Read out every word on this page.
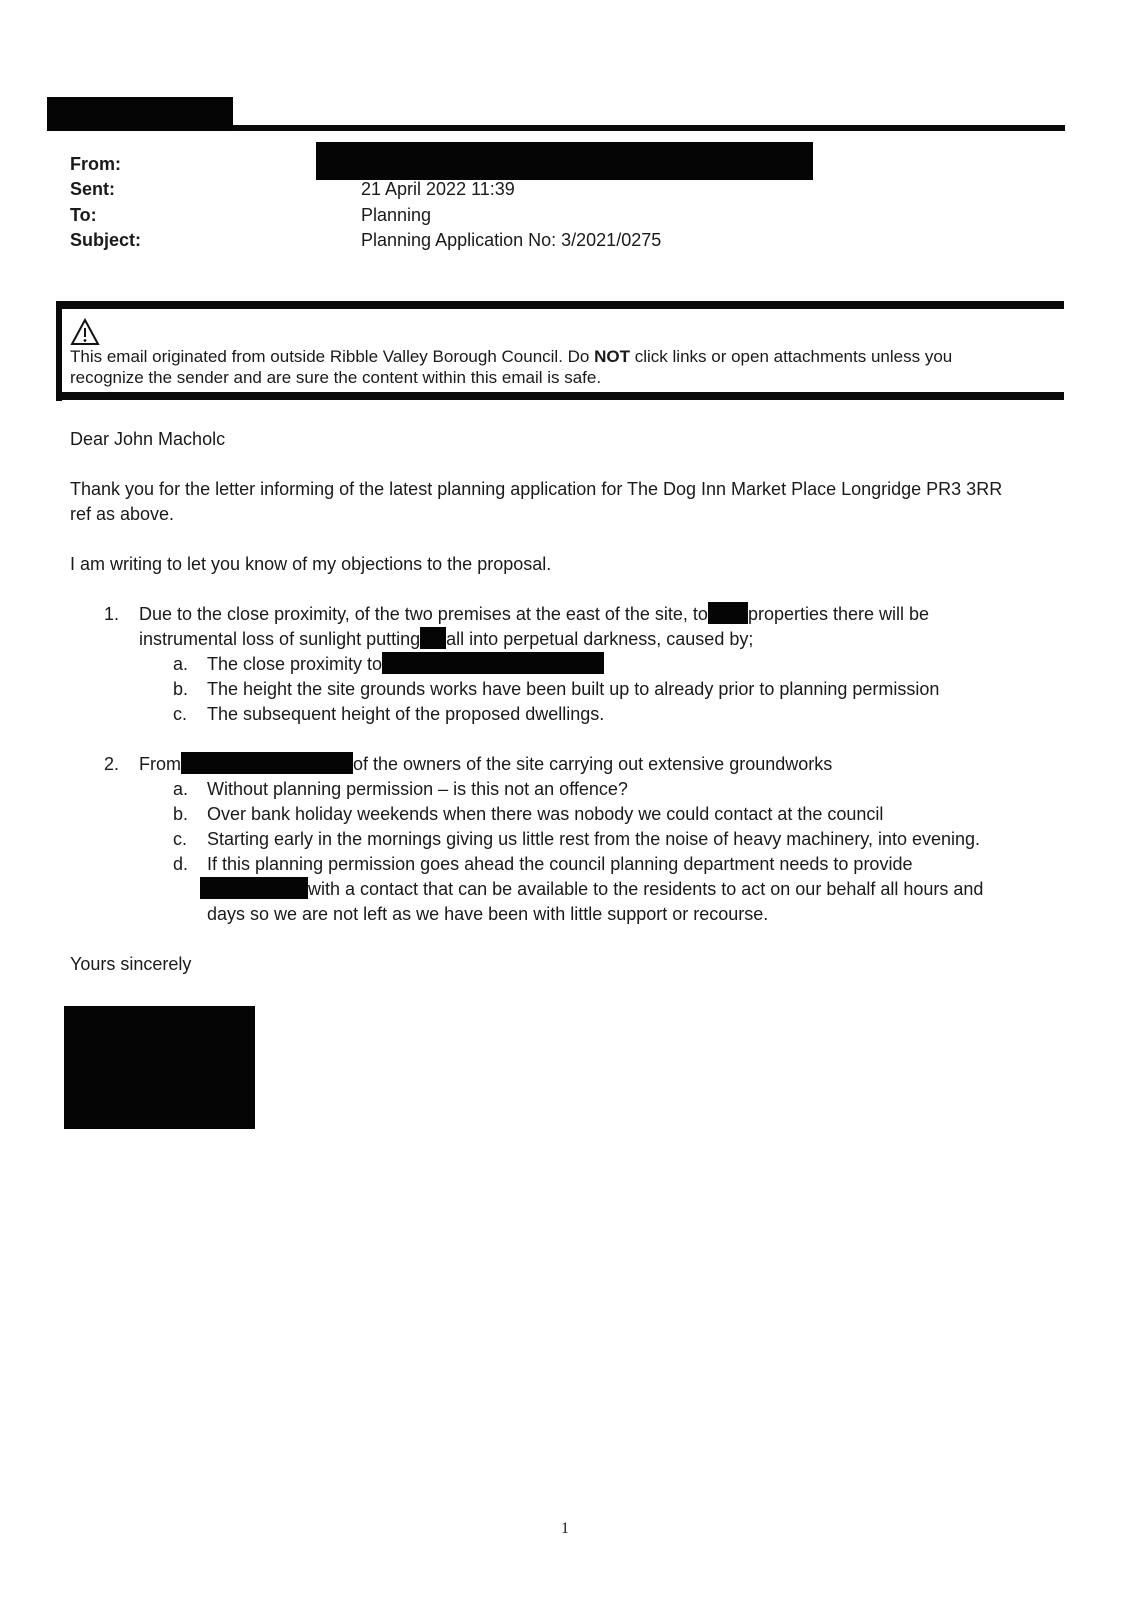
From:
Sent:	21 April 2022 11:39
To:	Planning
Subject:	Planning Application No: 3/2021/0275
This email originated from outside Ribble Valley Borough Council. Do NOT click links or open attachments unless you
recognize the sender and are sure the content within this email is safe.
Dear John Macholc
Thank you for the letter informing of the latest planning application for The Dog Inn Market Place Longridge PR3 3RR
ref as above.
I am writing to let you know of my objections to the proposal.
1. Due to the close proximity, of the two premises at the east of the site, to properties there will be
instrumental loss of sunlight putting all into perpetual darkness, caused by;
a. The close proximity to
b. The height the site grounds works have been built up to already prior to planning permission
c. The subsequent height of the proposed dwellings.
2. From	of the owners of the site carrying out extensive groundworks
a. Without planning permission – is this not an offence?
b. Over bank holiday weekends when there was nobody we could contact at the council
c. Starting early in the mornings giving us little rest from the noise of heavy machinery, into evening.
d. If this planning permission goes ahead the council planning department needs to provide
with a contact that can be available to the residents to act on our behalf all hours and
days so we are not left as we have been with little support or recourse.
Yours sincerely
1
